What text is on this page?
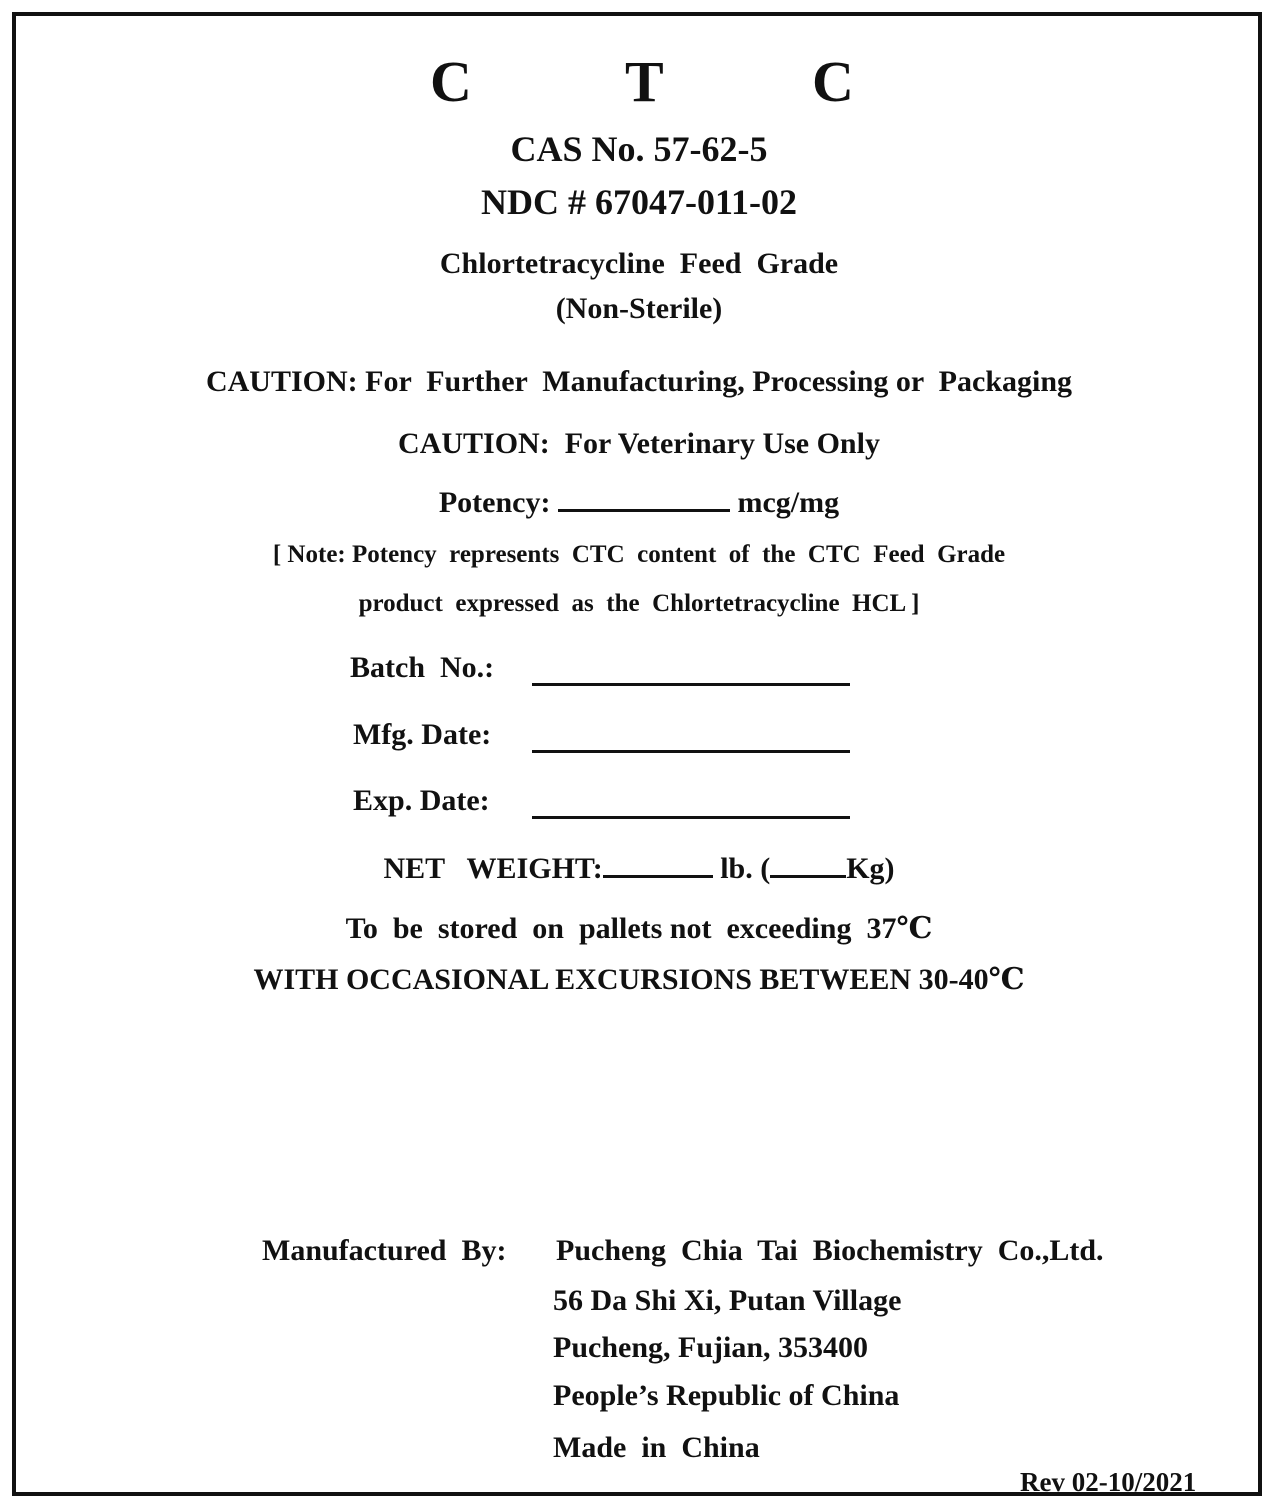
C	T	C
CAS No. 57-62-5
NDC # 67047-011-02
Chlortetracycline  Feed  Grade
(Non-Sterile)
CAUTION: For  Further  Manufacturing, Processing or  Packaging
CAUTION:  For Veterinary Use Only
Potency:	mcg/mg
[ Note: Potency  represents  CTC  content  of  the  CTC  Feed  Grade
product  expressed  as  the  Chlortetracycline  HCL ]
Batch  No.:
Mfg. Date:
Exp. Date:
NET   WEIGHT:	lb. (	Kg)
To  be  stored  on  pallets not  exceeding  37℃
WITH OCCASIONAL EXCURSIONS BETWEEN 30-40℃
Manufactured  By: Pucheng  Chia  Tai  Biochemistry  Co.,Ltd.
56 Da Shi Xi, Putan Village
Pucheng, Fujian, 353400
People’s Republic of China
Made  in  China
Rev 02-10/2021
